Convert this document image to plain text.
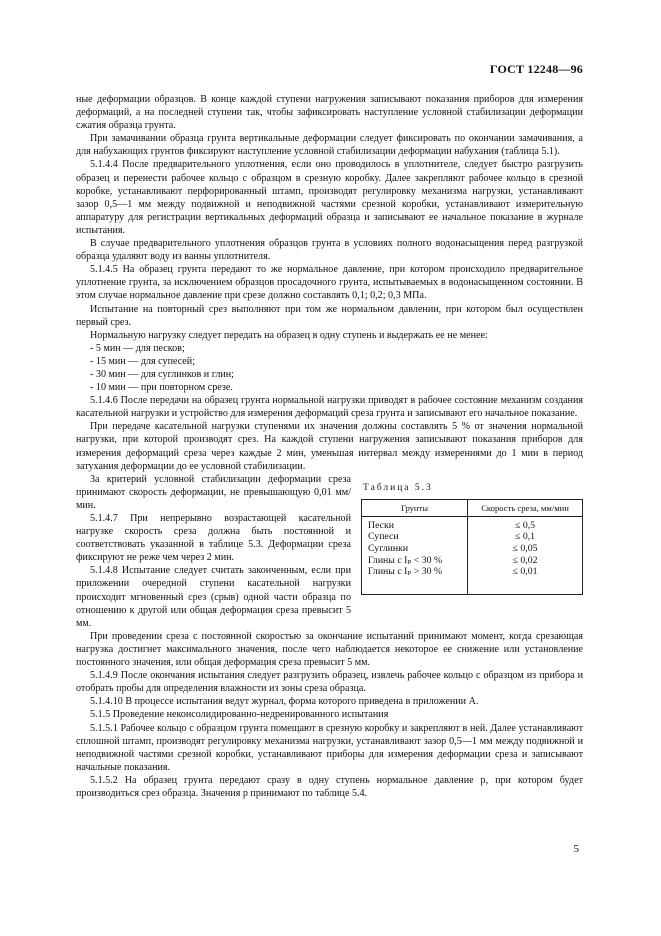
ГОСТ 12248—96

ные деформации образцов. В конце каждой ступени нагружения записывают показания приборов для измерения деформаций, а на последней ступени так, чтобы зафиксировать наступление условной стабилизации деформации сжатия образца грунта.

При замачивании образца грунта вертикальные деформации следует фиксировать по окончании замачивания, а для набухающих грунтов фиксируют наступление условной стабилизации деформации набухания (таблица 5.1).

5.1.4.4 После предварительного уплотнения, если оно проводилось в уплотнителе, следует быстро разгрузить образец и перенести рабочее кольцо с образцом в срезную коробку. Далее закрепляют рабочее кольцо в срезной коробке, устанавливают перфорированный штамп, производят регулировку механизма нагрузки, устанавливают зазор 0,5—1 мм между подвижной и неподвижной частями срезной коробки, устанавливают измерительную аппаратуру для регистрации вертикальных деформаций образца и записывают ее начальное показание в журнале испытания.

В случае предварительного уплотнения образцов грунта в условиях полного водонасыщения перед разгрузкой образца удаляют воду из ванны уплотнителя.

5.1.4.5 На образец грунта передают то же нормальное давление, при котором происходило предварительное уплотнение грунта, за исключением образцов просадочного грунта, испытываемых в водонасыщенном состоянии. В этом случае нормальное давление при срезе должно составлять 0,1; 0,2; 0,3 МПа.

Испытание на повторный срез выполняют при том же нормальном давлении, при котором был осуществлен первый срез.

Нормальную нагрузку следует передать на образец в одну ступень и выдержать ее не менее:

- 5 мин — для песков;
- 15 мин — для супесей;
- 30 мин — для суглинков и глин;
- 10 мин — при повторном срезе.

5.1.4.6 После передачи на образец грунта нормальной нагрузки приводят в рабочее состояние механизм создания касательной нагрузки и устройство для измерения деформаций среза грунта и записывают его начальное показание.

При передаче касательной нагрузки ступенями их значения должны составлять 5 % от значения нормальной нагрузки, при которой производят срез. На каждой ступени нагружения записывают показания приборов для измерения деформаций среза через каждые 2 мин, уменьшая интервал между измерениями до 1 мин в период затухания деформации до ее условной стабилизации.

За критерий условной стабилизации деформации среза принимают скорость деформации, не превышающую 0,01 мм/мин.

5.1.4.7 При непрерывно возрастающей касательной нагрузке скорость среза должна быть постоянной и соответствовать указанной в таблице 5.3. Деформации среза фиксируют не реже чем через 2 мин.

5.1.4.8 Испытание следует считать законченным, если при приложении очередной ступени касательной нагрузки происходит мгновенный срез (срыв) одной части образца по отношению к другой или общая деформация среза превысит 5 мм.

Таблица 5.3
Грунты	Скорость среза, мм/мин
Пески	≤ 0,5
Супеси	≤ 0,1
Суглинки	≤ 0,05
Глины с Iₚ < 30 %	≤ 0,02
Глины с Iₚ > 30 %	≤ 0,01

При проведении среза с постоянной скоростью за окончание испытаний принимают момент, когда срезающая нагрузка достигнет максимального значения, после чего наблюдается некоторое ее снижение или установление постоянного значения, или общая деформация среза превысит 5 мм.

5.1.4.9 После окончания испытания следует разгрузить образец, извлечь рабочее кольцо с образцом из прибора и отобрать пробы для определения влажности из зоны среза образца.

5.1.4.10 В процессе испытания ведут журнал, форма которого приведена в приложении А.

5.1.5 Проведение неконсолидированно-недренированного испытания

5.1.5.1 Рабочее кольцо с образцом грунта помещают в срезную коробку и закрепляют в ней. Далее устанавливают сплошной штамп, производят регулировку механизма нагрузки, устанавливают зазор 0,5—1 мм между подвижной и неподвижной частями срезной коробки, устанавливают приборы для измерения деформации среза и записывают начальные показания.

5.1.5.2 На образец грунта передают сразу в одну ступень нормальное давление p, при котором будет производиться срез образца. Значения p принимают по таблице 5.4.

5
